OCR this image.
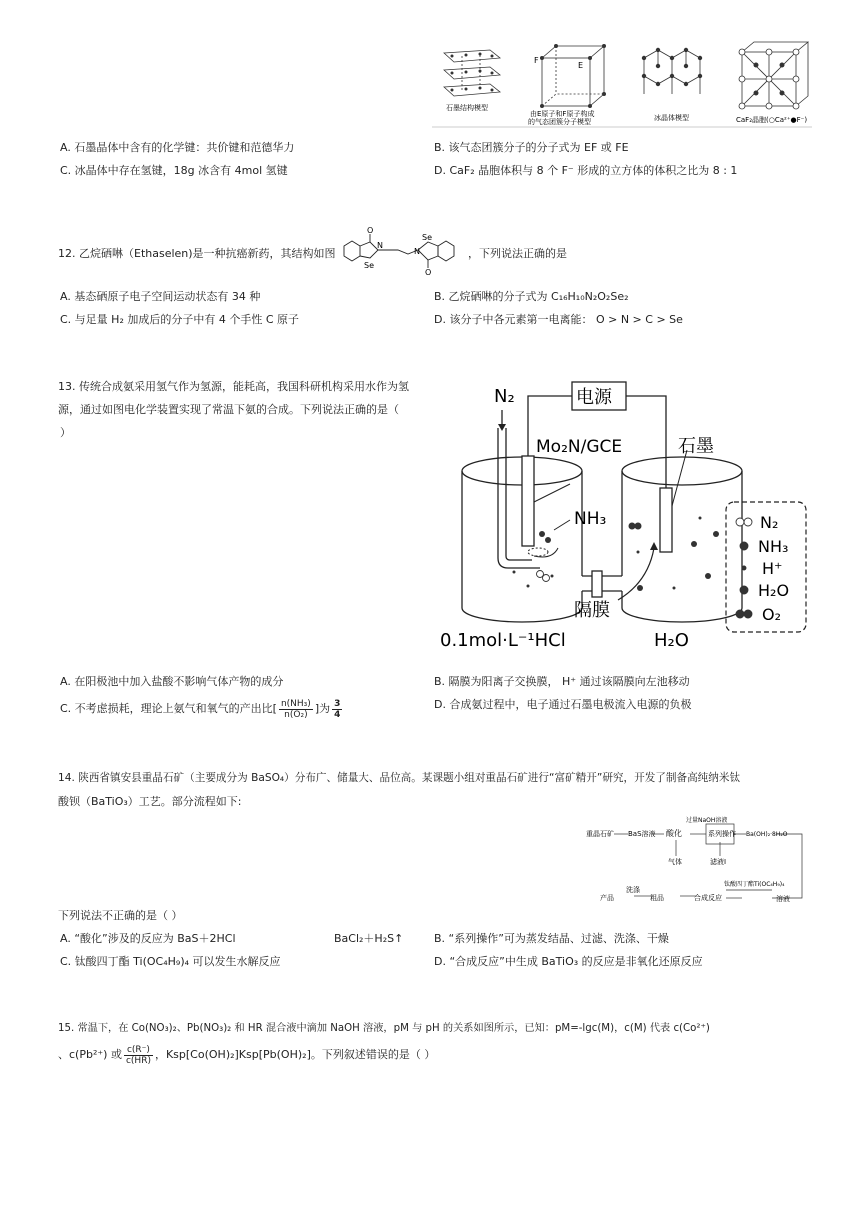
石墨结构模型
F
E
由E原子和F原子构成的气态团簇分子模型	冰晶体模型	CaF₂晶胞(○Ca²⁺●F⁻)
A. 石墨晶体中含有的化学键：共价键和范德华力	B. 该气态团簇分子的分子式为 EF 或 FE
C. 冰晶体中存在氢键，18g 冰含有 4mol 氢键	D. CaF₂ 晶胞体积与 8 个 F⁻ 形成的立方体的体积之比为 8 : 1
12. 乙烷硒啉（Ethaselen)是一种抗癌新药，其结构如图
O
N
Se
Se
N
O
，下列说法正确的是
A. 基态硒原子电子空间运动状态有 34 种	B. 乙烷硒啉的分子式为 C₁₆H₁₀N₂O₂Se₂
C. 与足量 H₂ 加成后的分子中有 4 个手性 C 原子	D. 该分子中各元素第一电离能： O > N > C > Se
13. 传统合成氨采用氢气作为氢源，能耗高，我国科研机构采用水作为氢
源，通过如图电化学装置实现了常温下氨的合成。下列说法正确的是（
）
N₂	电源
Mo₂N/GCE	石墨
NH₃
隔膜
0.1mol·L⁻¹HCl	H₂O
N₂
NH₃
H⁺
H₂O
O₂
A. 在阳极池中加入盐酸不影响气体产物的成分	B. 隔膜为阳离子交换膜， H⁺ 通过该隔膜向左池移动
C. 不考虑损耗，理论上氨气和氧气的产出比[ $\frac{\text{n(NH₃)}}{\text{n(O₂)}}$ ]为 $\frac{3}{4}$	D. 合成氨过程中，电子通过石墨电极流入电源的负极
14. 陕西省镇安县重晶石矿（主要成分为 BaSO₄）分布广、储量大、品位高。某课题小组对重晶石矿进行“富矿精开”研究，开发了制备高纯纳米钛
酸钡（BaTiO₃）工艺。部分流程如下:
重晶石矿 BaS溶液 酸化
气体
过量NaOH溶液
系列操作 Ba(OH)₂·8H₂O
滤液Ⅰ
钛酸四丁酯Ti(OC₄H₉)₄
溶液
合成反应
粗品
洗涤
产品
下列说法不正确的是（ ）
A. “酸化”涉及的反应为 BaS＋2HCl	BaCl₂＋H₂S↑	B. “系列操作”可为蒸发结晶、过滤、洗涤、干燥
C. 钛酸四丁酯 Ti(OC₄H₉)₄ 可以发生水解反应	D. “合成反应”中生成 BaTiO₃ 的反应是非氧化还原反应
15. 常温下，在 Co(NO₃)₂、Pb(NO₃)₂ 和 HR 混合液中滴加 NaOH 溶液，pM 与 pH 的关系如图所示，已知：pM=-lgc(M)，c(M) 代表 c(Co²⁺)
、c(Pb²⁺) 或 $\frac{c(R^-)}{c(HR)}$ ，Ksp[Co(OH)₂]Ksp[Pb(OH)₂]。下列叙述错误的是（ ）
